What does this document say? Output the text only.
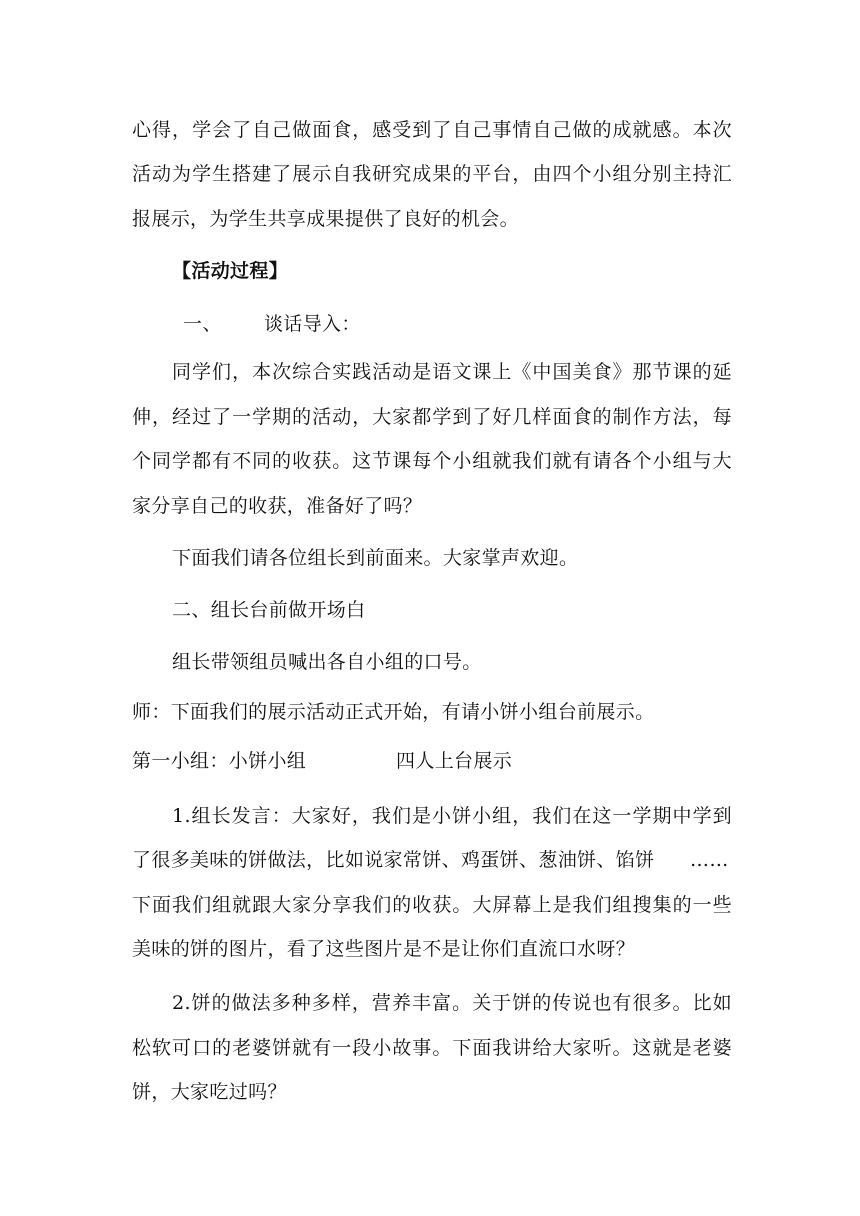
心得，学会了自己做面食，感受到了自己事情自己做的成就感。本次
活动为学生搭建了展示自我研究成果的平台，由四个小组分别主持汇
报展示，为学生共享成果提供了良好的机会。
【活动过程】
一、 谈话导入：
同学们，本次综合实践活动是语文课上《中国美食》那节课的延
伸，经过了一学期的活动，大家都学到了好几样面食的制作方法，每
个同学都有不同的收获。这节课每个小组就我们就有请各个小组与大
家分享自己的收获，准备好了吗？
下面我们请各位组长到前面来。大家掌声欢迎。
二、组长台前做开场白
组长带领组员喊出各自小组的口号。
师：下面我们的展示活动正式开始，有请小饼小组台前展示。
第一小组：小饼小组	四人上台展示
1.组长发言：大家好，我们是小饼小组，我们在这一学期中学到
了很多美味的饼做法，比如说家常饼、鸡蛋饼、葱油饼、馅饼 ……
下面我们组就跟大家分享我们的收获。大屏幕上是我们组搜集的一些
美味的饼的图片，看了这些图片是不是让你们直流口水呀？
2.饼的做法多种多样，营养丰富。关于饼的传说也有很多。比如
松软可口的老婆饼就有一段小故事。下面我讲给大家听。这就是老婆
饼，大家吃过吗？
